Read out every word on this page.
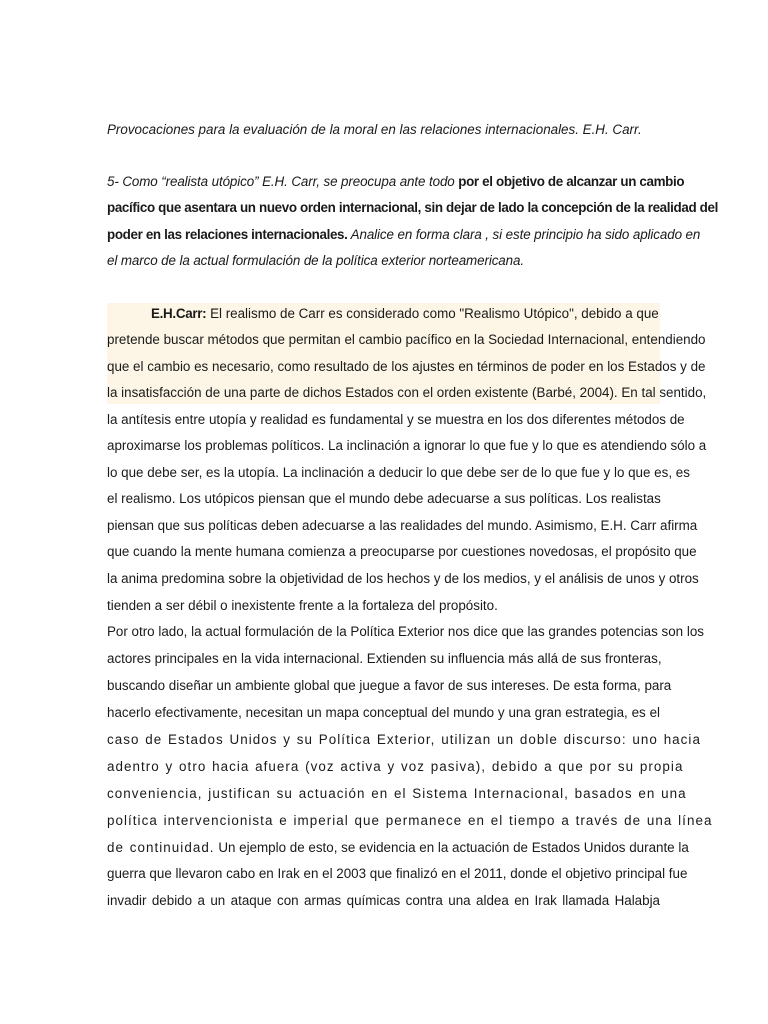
Provocaciones para la evaluación de la moral en las relaciones internacionales. E.H. Carr.
5- Como “realista utópico” E.H. Carr, se preocupa ante todo por el objetivo de alcanzar un cambio
pacífico que asentara un nuevo orden internacional, sin dejar de lado la concepción de la realidad del
poder en las relaciones internacionales. Analice en forma clara , si este principio ha sido aplicado en
el marco de la actual formulación de la política exterior norteamericana.
E.H.Carr: El realismo de Carr es considerado como "Realismo Utópico", debido a que
pretende buscar métodos que permitan el cambio pacífico en la Sociedad Internacional, entendiendo
que el cambio es necesario, como resultado de los ajustes en términos de poder en los Estados y de
la insatisfacción de una parte de dichos Estados con el orden existente (Barbé, 2004). En tal sentido,
la antítesis entre utopía y realidad es fundamental y se muestra en los dos diferentes métodos de
aproximarse los problemas políticos. La inclinación a ignorar lo que fue y lo que es atendiendo sólo a
lo que debe ser, es la utopía. La inclinación a deducir lo que debe ser de lo que fue y lo que es, es
el realismo. Los utópicos piensan que el mundo debe adecuarse a sus políticas. Los realistas
piensan que sus políticas deben adecuarse a las realidades del mundo. Asimismo, E.H. Carr afirma
que cuando la mente humana comienza a preocuparse por cuestiones novedosas, el propósito que
la anima predomina sobre la objetividad de los hechos y de los medios, y el análisis de unos y otros
tienden a ser débil o inexistente frente a la fortaleza del propósito.
Por otro lado, la actual formulación de la Política Exterior nos dice que las grandes potencias son los
actores principales en la vida internacional. Extienden su influencia más allá de sus fronteras,
buscando diseñar un ambiente global que juegue a favor de sus intereses. De esta forma, para
hacerlo efectivamente, necesitan un mapa conceptual del mundo y una gran estrategia, es el
caso de Estados Unidos y su Política Exterior, utilizan un doble discurso: uno hacia
adentro y otro hacia afuera (voz activa y voz pasiva), debido a que por su propia
conveniencia, justifican su actuación en el Sistema Internacional, basados en una
política intervencionista e imperial que permanece en el tiempo a través de una línea
de continuidad. Un ejemplo de esto, se evidencia en la actuación de Estados Unidos durante la
guerra que llevaron cabo en Irak en el 2003 que finalizó en el 2011, donde el objetivo principal fue
invadir debido a un ataque con armas químicas contra una aldea en Irak llamada Halabja
